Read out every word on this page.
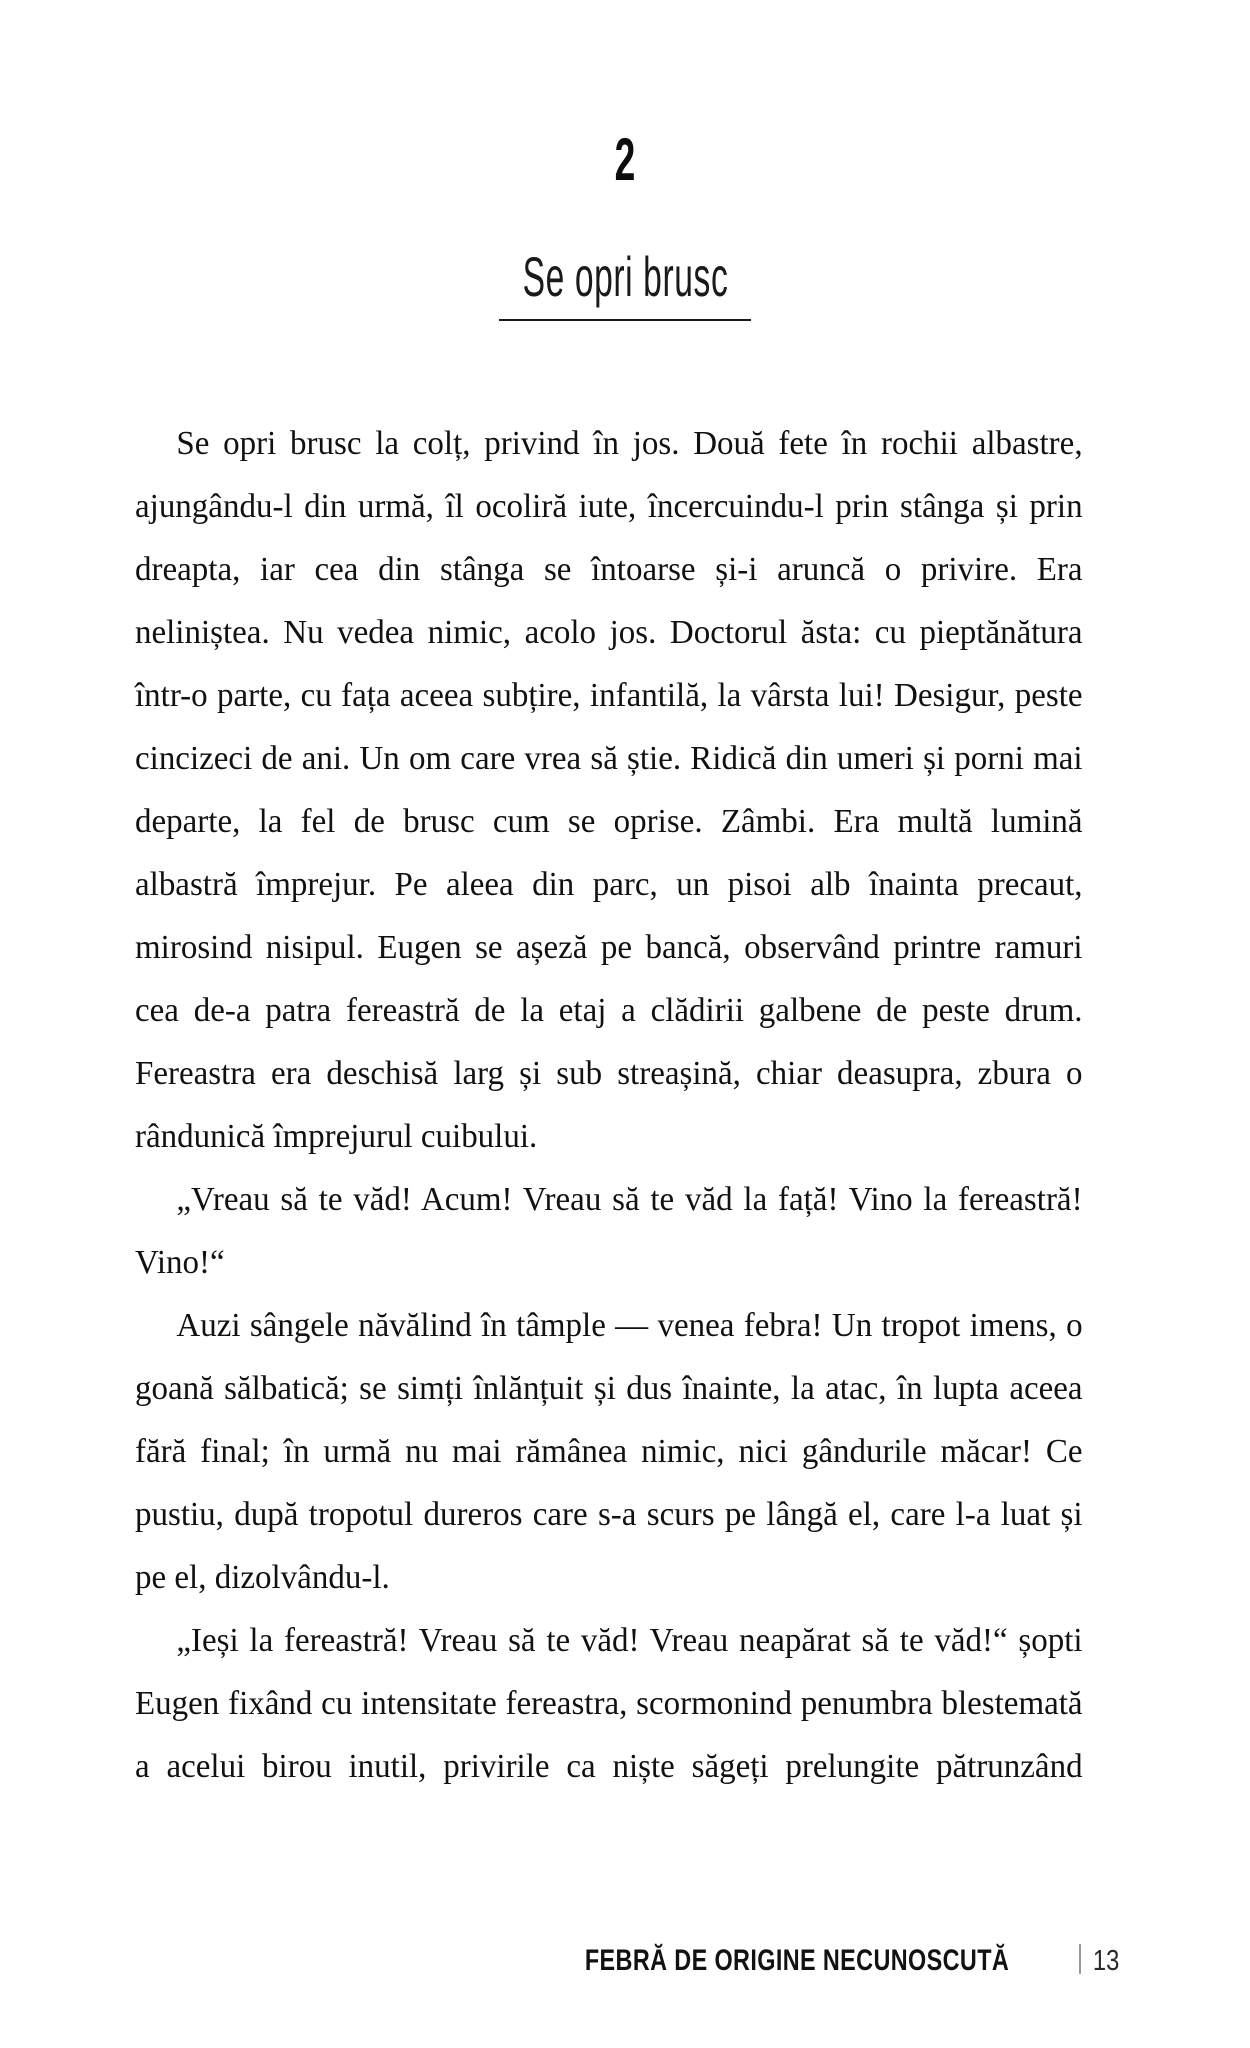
2
Se opri brusc

Se opri brusc la colț, privind în jos. Două fete în rochii albastre, ajungându-l din urmă, îl ocoliră iute, încercuindu-l prin stânga și prin dreapta, iar cea din stânga se întoarse și-i aruncă o privire. Era neliniștea. Nu vedea nimic, acolo jos. Doctorul ăsta: cu pieptănătura într-o parte, cu fața aceea subțire, infantilă, la vârsta lui! Desigur, peste cincizeci de ani. Un om care vrea să știe. Ridică din umeri și porni mai departe, la fel de brusc cum se oprise. Zâmbi. Era multă lumină albastră împrejur. Pe aleea din parc, un pisoi alb înainta precaut, mirosind nisipul. Eugen se așeză pe bancă, observând printre ramuri cea de-a patra fereastră de la etaj a clădirii galbene de peste drum. Fereastra era deschisă larg și sub streașină, chiar deasupra, zbura o rândunică împrejurul cuibului.

„Vreau să te văd! Acum! Vreau să te văd la față! Vino la fereastră! Vino!“

Auzi sângele năvălind în tâmple — venea febra! Un tropot imens, o goană sălbatică; se simți înlănțuit și dus înainte, la atac, în lupta aceea fără final; în urmă nu mai rămânea nimic, nici gândurile măcar! Ce pustiu, după tropotul dureros care s-a scurs pe lângă el, care l-a luat și pe el, dizolvându-l.

„Ieși la fereastră! Vreau să te văd! Vreau neapărat să te văd!“ șopti Eugen fixând cu intensitate fereastra, scormonind penumbra blestemată a acelui birou inutil, privirile ca niște săgeți prelungite pătrunzând

FEBRĂ DE ORIGINE NECUNOSCUTĂ	13
